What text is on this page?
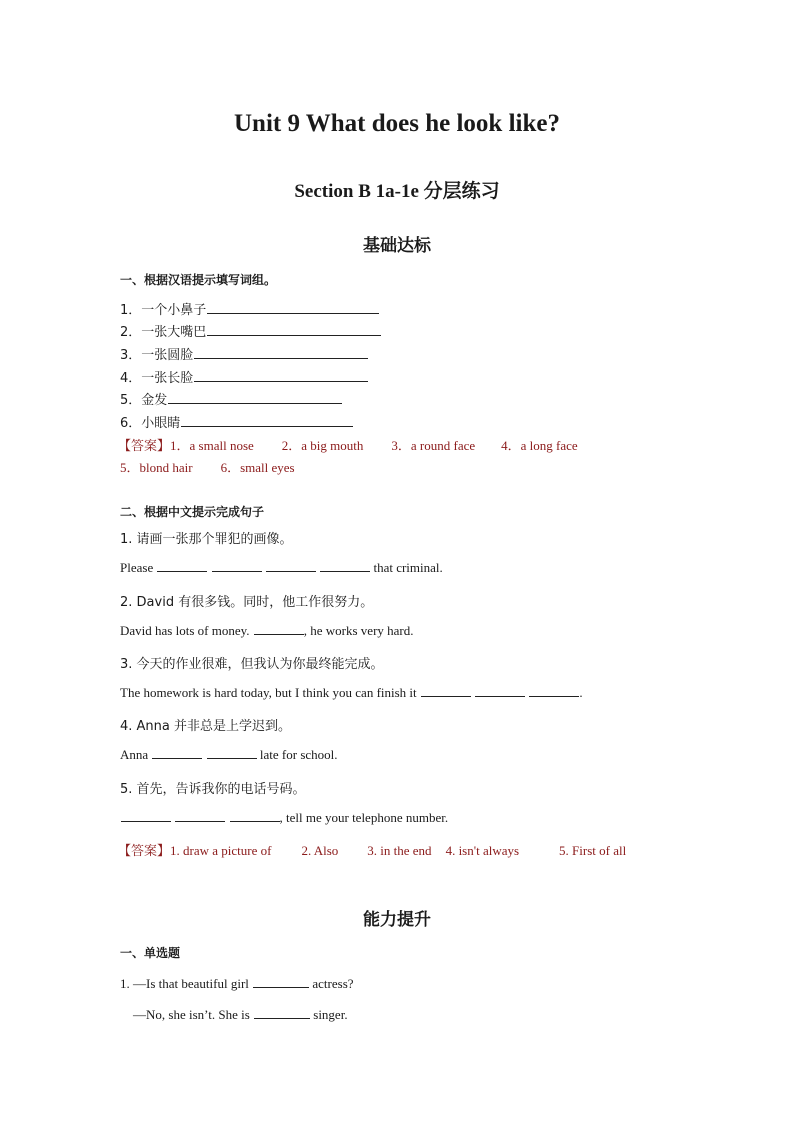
Unit 9 What does he look like?
Section B 1a-1e 分层练习
基础达标
一、根据汉语提示填写词组。
1．一个小鼻子
2．一张大嘴巴
3．一张圆脸
4．一张长脸
5．金发
6．小眼睛
【答案】1．a small nose 2．a big mouth 3．a round face 4．a long face
5．blond hair 6．small eyes
二、根据中文提示完成句子
1. 请画一张那个罪犯的画像。
Please	that criminal.
2. David 有很多钱。同时，他工作很努力。
David has lots of money.	, he works very hard.
3. 今天的作业很难，但我认为你最终能完成。
The homework is hard today, but I think you can finish it	.
4. Anna 并非总是上学迟到。
Anna	late for school.
5. 首先，告诉我你的电话号码。
, tell me your telephone number.
【答案】1. draw a picture of 2. Also 3. in the end 4. isn't always	5. First of all
能力提升
一、单选题
1. —Is that beautiful girl	actress?
—No, she isn’t. She is	singer.
